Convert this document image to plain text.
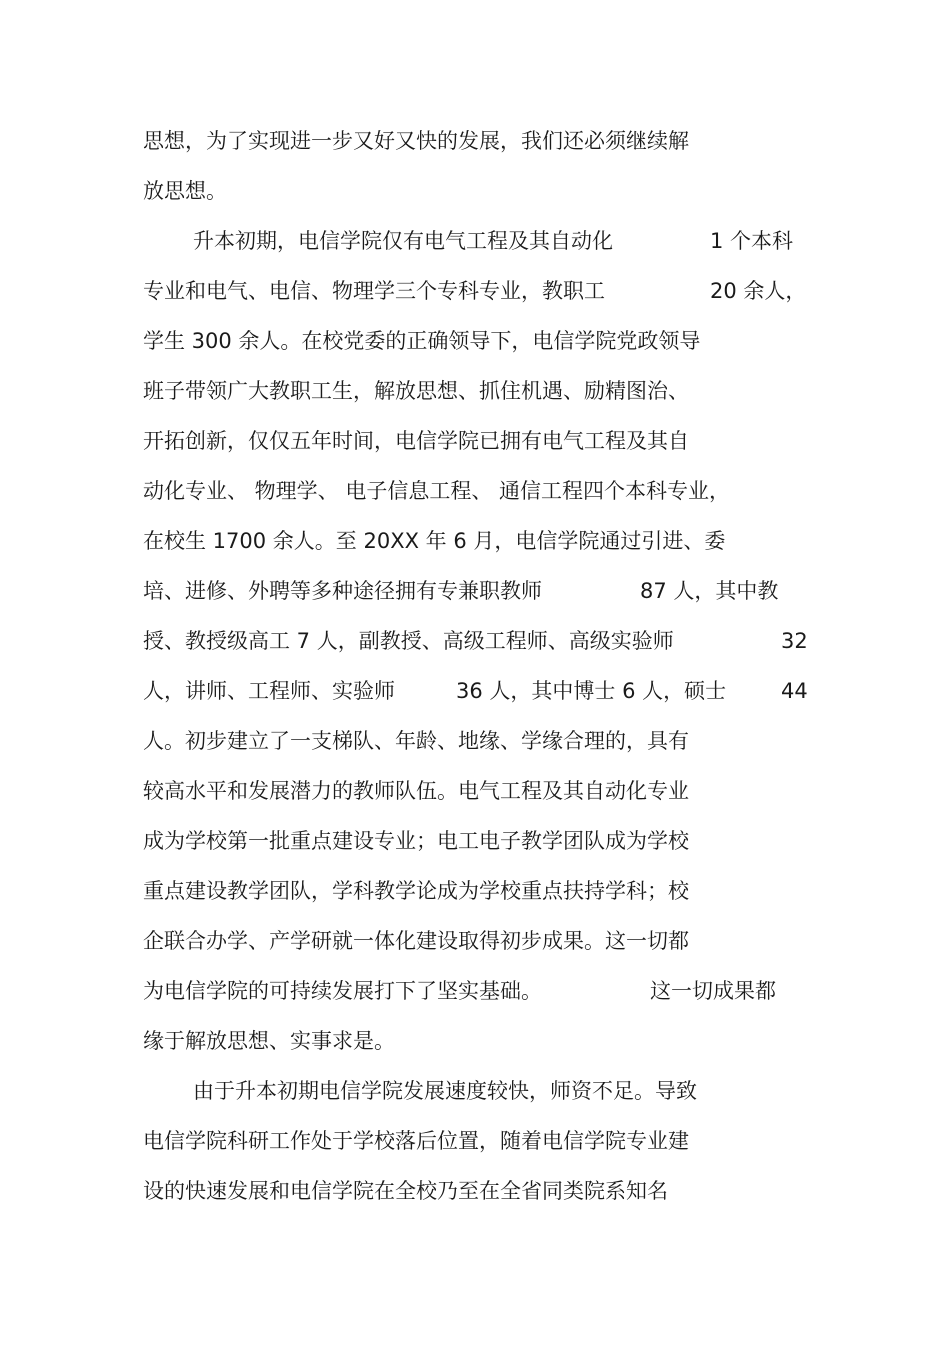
思想，为了实现进一步又好又快的发展，我们还必须继续解

放思想。

升本初期，电信学院仅有电气工程及其自动化

	1 个本科

专业和电气、电信、物理学三个专科专业，教职工

	20 余人，

学生 300 余人。在校党委的正确领导下，电信学院党政领导

班子带领广大教职工生，解放思想、抓住机遇、励精图治、

开拓创新，仅仅五年时间，电信学院已拥有电气工程及其自

动化专业、 物理学、 电子信息工程、 通信工程四个本科专业，

在校生 1700 余人。至 20XX 年 6 月，电信学院通过引进、委

培、进修、外聘等多种途径拥有专兼职教师

	87 人，其中教

授、教授级高工 7 人，副教授、高级工程师、高级实验师

	32

人，讲师、工程师、实验师

	36 人，其中博士 6 人，硕士

	44

人。初步建立了一支梯队、年龄、地缘、学缘合理的，具有

较高水平和发展潜力的教师队伍。电气工程及其自动化专业

成为学校第一批重点建设专业；电工电子教学团队成为学校

重点建设教学团队，学科教学论成为学校重点扶持学科；校

企联合办学、产学研就一体化建设取得初步成果。这一切都

为电信学院的可持续发展打下了坚实基础。

	这一切成果都

缘于解放思想、实事求是。

由于升本初期电信学院发展速度较快，师资不足。导致

电信学院科研工作处于学校落后位置，随着电信学院专业建

设的快速发展和电信学院在全校乃至在全省同类院系知名
